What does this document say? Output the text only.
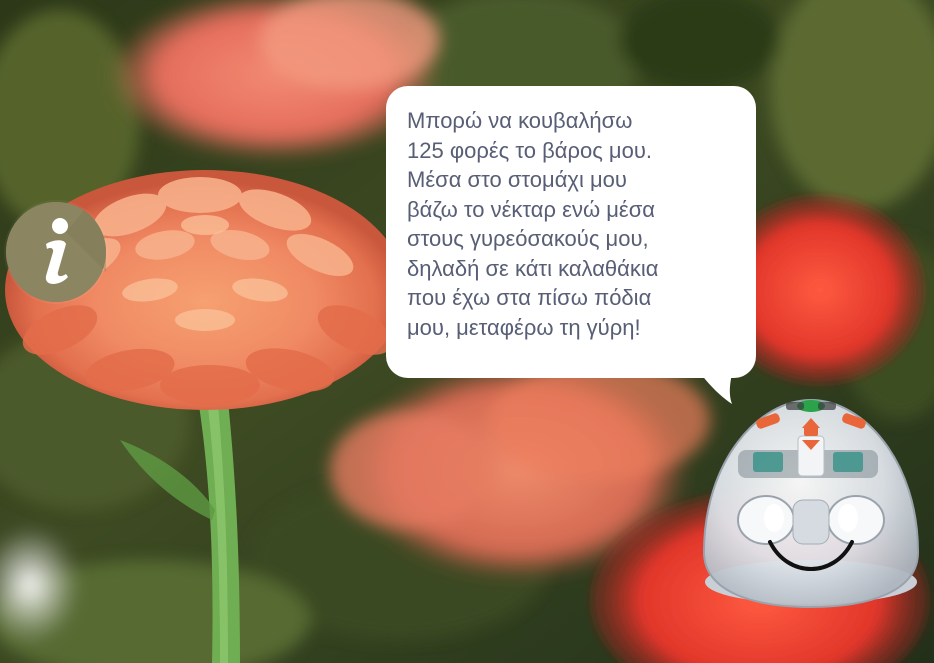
Μπορώ να κουβαλήσω
125 φορές το βάρος μου.
Μέσα στο στομάχι μου
βάζω το νέκταρ ενώ μέσα
στους γυρεόσακούς μου,
δηλαδή σε κάτι καλαθάκια
που έχω στα πίσω πόδια
μου, μεταφέρω τη γύρη!
